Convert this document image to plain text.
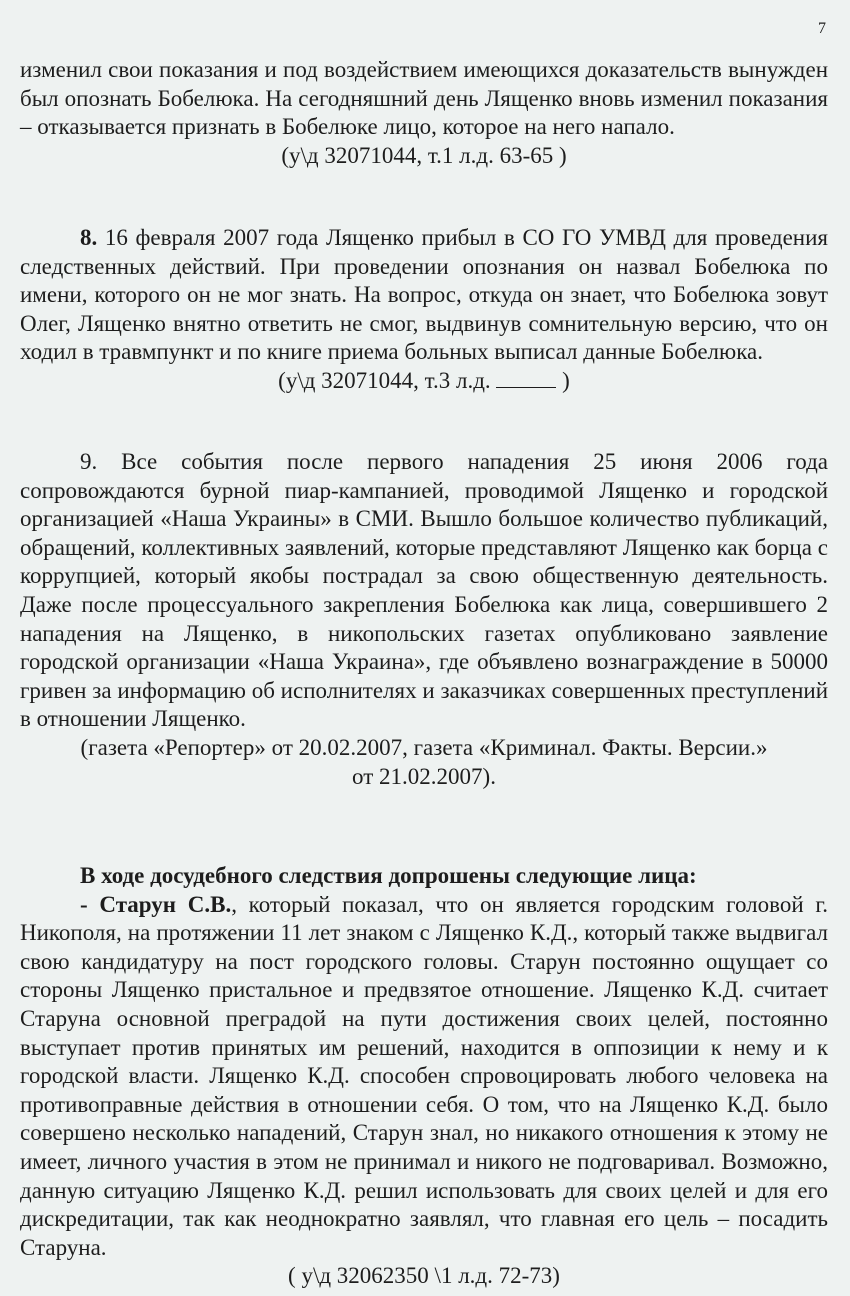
7

изменил свои показания и под воздействием имеющихся доказательств вынужден был опознать Бобелюка. На сегодняшний день Лященко вновь изменил показания – отказывается признать в Бобелюке лицо, которое на него напало.

(у\д 32071044, т.1 л.д. 63-65 )

8. 16 февраля 2007 года Лященко прибыл в СО ГО УМВД для проведения следственных действий. При проведении опознания он назвал Бобелюка по имени, которого он не мог знать. На вопрос, откуда он знает, что Бобелюка зовут Олег, Лященко внятно ответить не смог, выдвинув сомнительную версию, что он ходил в травмпункт и по книге приема больных выписал данные Бобелюка.

(у\д 32071044, т.3 л.д.	)

9. Все события после первого нападения 25 июня 2006 года сопровождаются бурной пиар-кампанией, проводимой Лященко и городской организацией «Наша Украины» в СМИ. Вышло большое количество публикаций, обращений, коллективных заявлений, которые представляют Лященко как борца с коррупцией, который якобы пострадал за свою общественную деятельность. Даже после процессуального закрепления Бобелюка как лица, совершившего 2 нападения на Лященко, в никопольских газетах опубликовано заявление городской организации «Наша Украина», где объявлено вознаграждение в 50000 гривен за информацию об исполнителях и заказчиках совершенных преступлений в отношении Лященко.

(газета «Репортер» от 20.02.2007, газета «Криминал. Факты. Версии.»

от 21.02.2007).

В ходе досудебного следствия допрошены следующие лица:

- Старун С.В., который показал, что он является городским головой г. Никополя, на протяжении 11 лет знаком с Лященко К.Д., который также выдвигал свою кандидатуру на пост городского головы. Старун постоянно ощущает со стороны Лященко пристальное и предвзятое отношение. Лященко К.Д. считает Старуна основной преградой на пути достижения своих целей, постоянно выступает против принятых им решений, находится в оппозиции к нему и к городской власти. Лященко К.Д. способен спровоцировать любого человека на противоправные действия в отношении себя. О том, что на Лященко К.Д. было совершено несколько нападений, Старун знал, но никакого отношения к этому не имеет, личного участия в этом не принимал и никого не подговаривал. Возможно, данную ситуацию Лященко К.Д. решил использовать для своих целей и для его дискредитации, так как неоднократно заявлял, что главная его цель – посадить Старуна.

( у\д 32062350 \1 л.д. 72-73)
